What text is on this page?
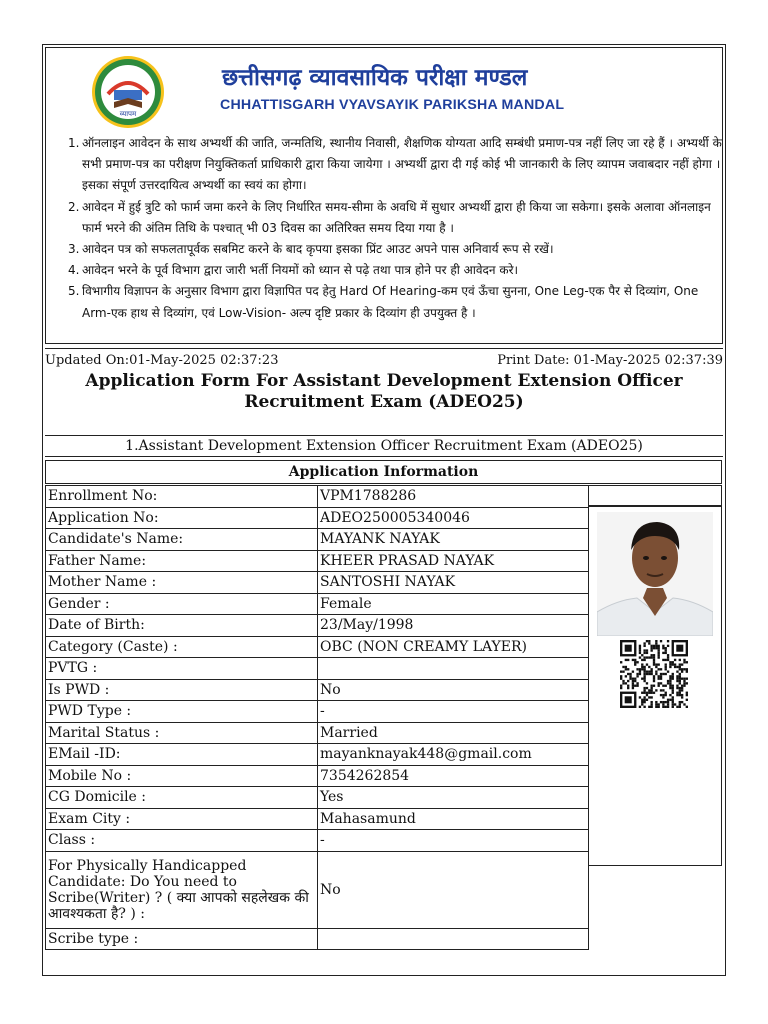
व्यापम
छत्तीसगढ़ व्यावसायिक परीक्षा मण्डल
CHHATTISGARH VYAVSAYIK PARIKSHA MANDAL
1. ऑनलाइन आवेदन के साथ अभ्यर्थी की जाति, जन्मतिथि, स्थानीय निवासी, शैक्षणिक योग्यता आदि सम्बंधी प्रमाण-पत्र नहीं लिए जा रहे हैं । अभ्यर्थी के सभी प्रमाण-पत्र का परीक्षण नियुक्तिकर्ता प्राधिकारी द्वारा किया जायेगा । अभ्यर्थी द्वारा दी गई कोई भी जानकारी के लिए व्यापम जवाबदार नहीं होगा । इसका संपूर्ण उत्तरदायित्व अभ्यर्थी का स्वयं का होगा।
2. आवेदन में हुई त्रुटि को फार्म जमा करने के लिए निर्धारित समय-सीमा के अवधि में सुधार अभ्यर्थी द्वारा ही किया जा सकेगा। इसके अलावा ऑनलाइन फार्म भरने की अंतिम तिथि के पश्चात् भी 03 दिवस का अतिरिक्त समय दिया गया है ।
3. आवेदन पत्र को सफलतापूर्वक सबमिट करने के बाद कृपया इसका प्रिंट आउट अपने पास अनिवार्य रूप से रखें।
4. आवेदन भरने के पूर्व विभाग द्वारा जारी भर्ती नियमों को ध्यान से पढ़े तथा पात्र होने पर ही आवेदन करे।
5. विभागीय विज्ञापन के अनुसार विभाग द्वारा विज्ञापित पद हेतु Hard Of Hearing-कम एवं ऊँचा सुनना, One Leg-एक पैर से दिव्यांग, One Arm-एक हाथ से दिव्यांग, एवं Low-Vision- अल्प दृष्टि प्रकार के दिव्यांग ही उपयुक्त है ।
Updated On:01-May-2025 02:37:23	Print Date: 01-May-2025 02:37:39
Application Form For Assistant Development Extension Officer Recruitment Exam (ADEO25)
1.Assistant Development Extension Officer Recruitment Exam (ADEO25)
Application Information
Enrollment No:	VPM1788286
Application No:	ADEO250005340046
Candidate's Name:	MAYANK NAYAK
Father Name:	KHEER PRASAD NAYAK
Mother Name :	SANTOSHI NAYAK
Gender :	Female
Date of Birth:	23/May/1998
Category (Caste) :	OBC (NON CREAMY LAYER)
PVTG :	
Is PWD :	No
PWD Type :	-
Marital Status :	Married
EMail -ID:	mayanknayak448@gmail.com
Mobile No :	7354262854
CG Domicile :	Yes
Exam City :	Mahasamund
Class :	-
For Physically Handicapped Candidate: Do You need to Scribe(Writer) ? ( क्या आपको सहलेखक की आवश्यकता है? ) :	No
Scribe type :	
